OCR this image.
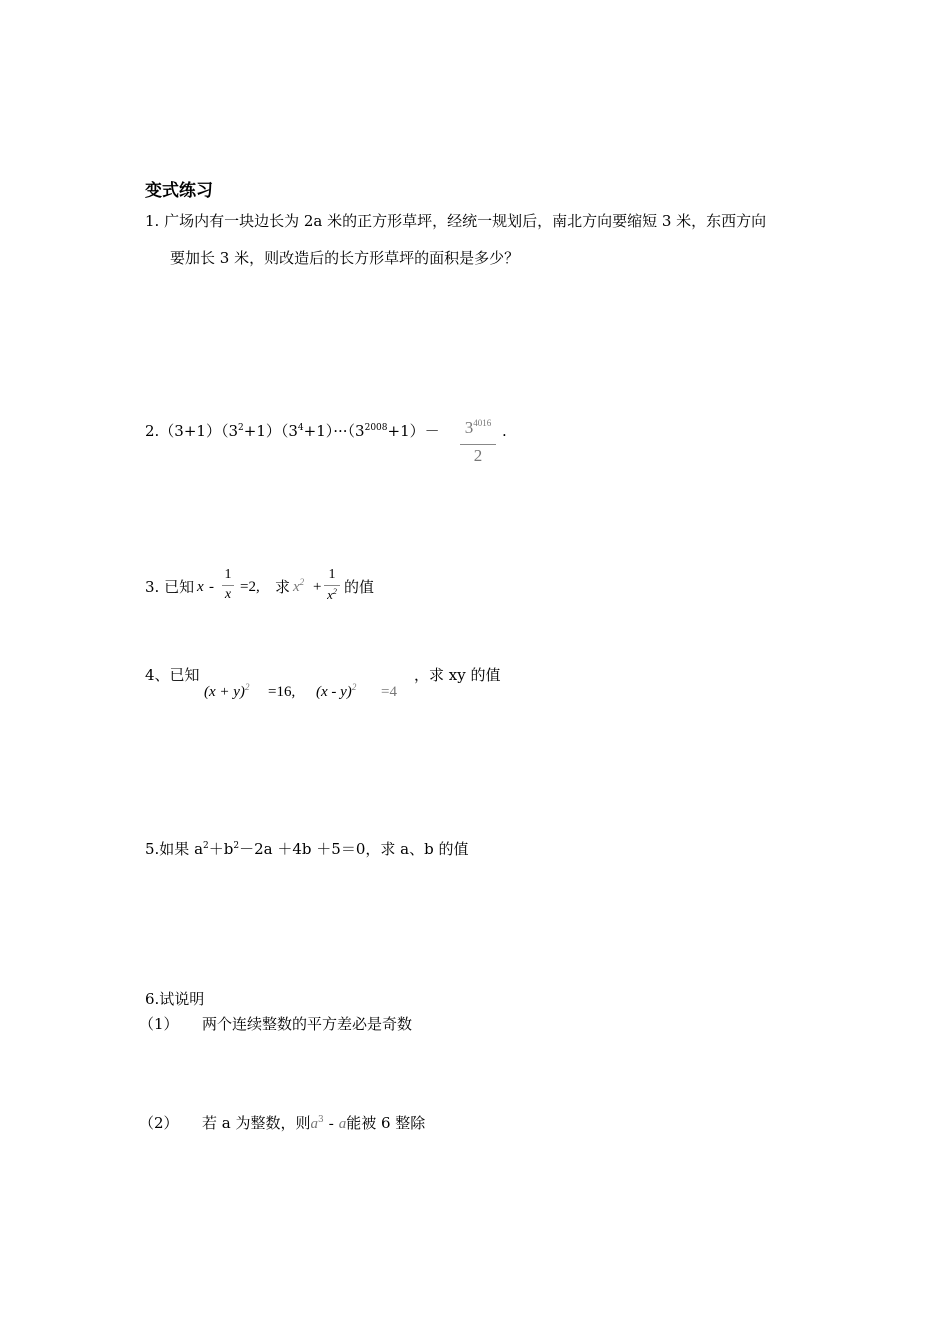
变式练习
1. 广场内有一块边长为 2a 米的正方形草坪，经统一规划后，南北方向要缩短 3 米，东西方向
要加长 3 米，则改造后的长方形草坪的面积是多少？
$2.(3+1)(3^2+1)(3^4+1)\cdot\cdot\cdot(3^{2008}+1)-$	$3^{4016}$
2
.
3. 已知 x -
1
x =2, 求 $x^2$ +
1
$x^2$ 的值
4、已知
$(x + y)^2 =16$, (x - y)$^2$ =4
，求 xy 的值
5.如果 $a^2+b^2-2a +4b +5=0$，求 a、b 的值
6.试说明
（1） 两个连续整数的平方差必是奇数
（2） 若 a 为整数，则$a^3$ - a能被 6 整除
